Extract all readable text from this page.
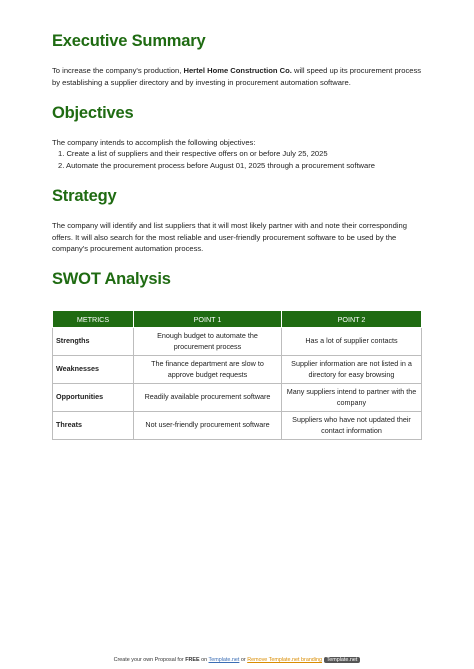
Executive Summary

To increase the company's production, Hertel Home Construction Co. will speed up its procurement process by establishing a supplier directory and by investing in procurement automation software.

Objectives

The company intends to accomplish the following objectives:

1. Create a list of suppliers and their respective offers on or before July 25, 2025
2. Automate the procurement process before August 01, 2025 through a procurement software
Strategy

The company will identify and list suppliers that it will most likely partner with and note their corresponding offers. It will also search for the most reliable and user-friendly procurement software to be used by the company's procurement automation process.

SWOT Analysis
METRICS	POINT 1	POINT 2
Strengths	Enough budget to automate the procurement process	Has a lot of supplier contacts
Weaknesses	The finance department are slow to approve budget requests	Supplier information are not listed in a directory for easy browsing
Opportunities	Readily available procurement software	Many suppliers intend to partner with the company
Threats	Not user-friendly procurement software	Suppliers who have not updated their contact information
Create your own Proposal for FREE on Template.net or Remove Template.net branding Template.net
